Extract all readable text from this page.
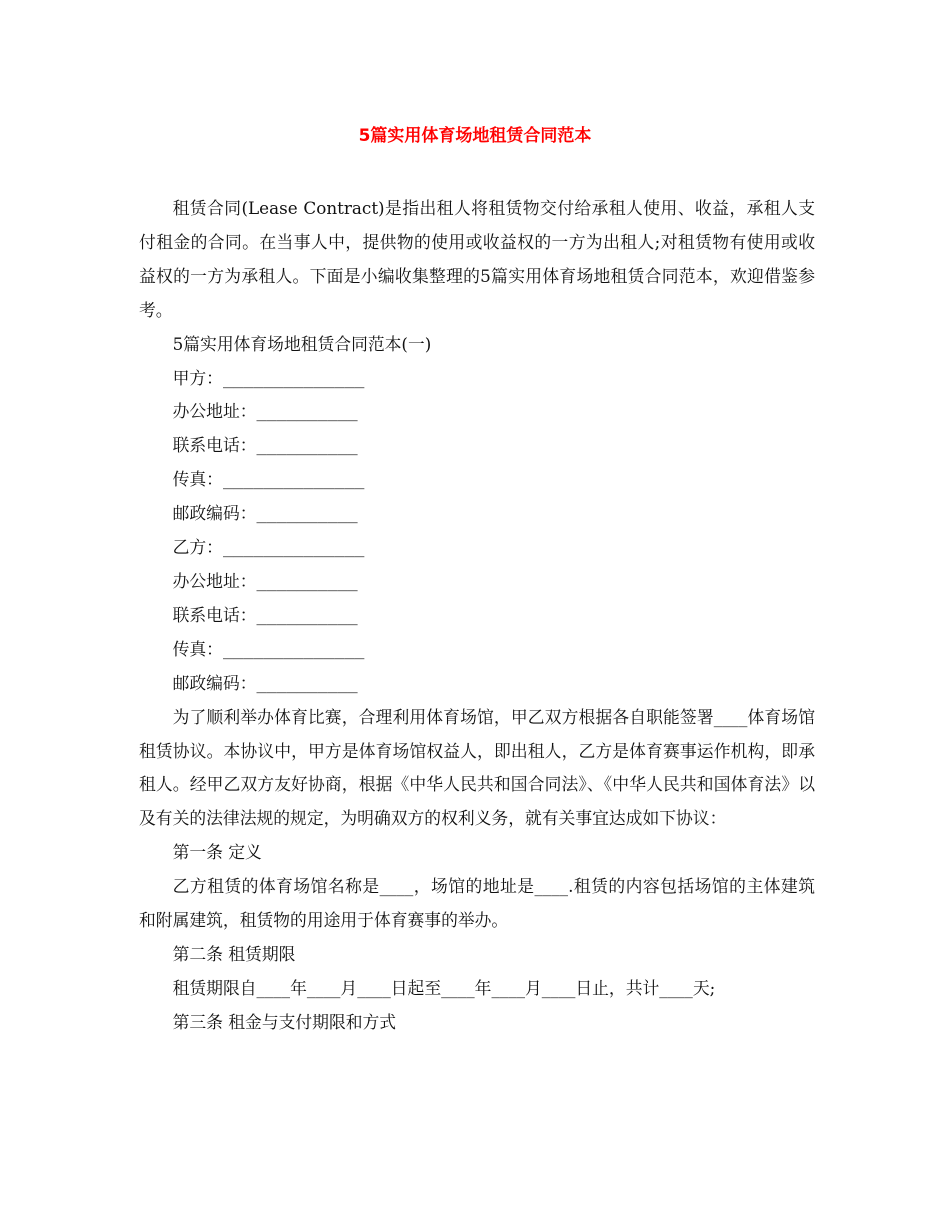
5篇实用体育场地租赁合同范本

租赁合同(Lease Contract)是指出租人将租赁物交付给承租人使用、收益，承租人支付租金的合同。在当事人中，提供物的使用或收益权的一方为出租人;对租赁物有使用或收益权的一方为承租人。下面是小编收集整理的5篇实用体育场地租赁合同范本，欢迎借鉴参考。

5篇实用体育场地租赁合同范本(一)

甲方：______________

办公地址：__________

联系电话：__________

传真：______________

邮政编码：__________

乙方：______________

办公地址：__________

联系电话：__________

传真：______________

邮政编码：__________

为了顺利举办体育比赛，合理利用体育场馆，甲乙双方根据各自职能签署____体育场馆租赁协议。本协议中，甲方是体育场馆权益人，即出租人，乙方是体育赛事运作机构，即承租人。经甲乙双方友好协商，根据《中华人民共和国合同法》、《中华人民共和国体育法》以及有关的法律法规的规定，为明确双方的权利义务，就有关事宜达成如下协议：

第一条 定义

乙方租赁的体育场馆名称是____，场馆的地址是____.租赁的内容包括场馆的主体建筑和附属建筑，租赁物的用途用于体育赛事的举办。

第二条 租赁期限

租赁期限自____年____月____日起至____年____月____日止，共计____天;

第三条 租金与支付期限和方式
